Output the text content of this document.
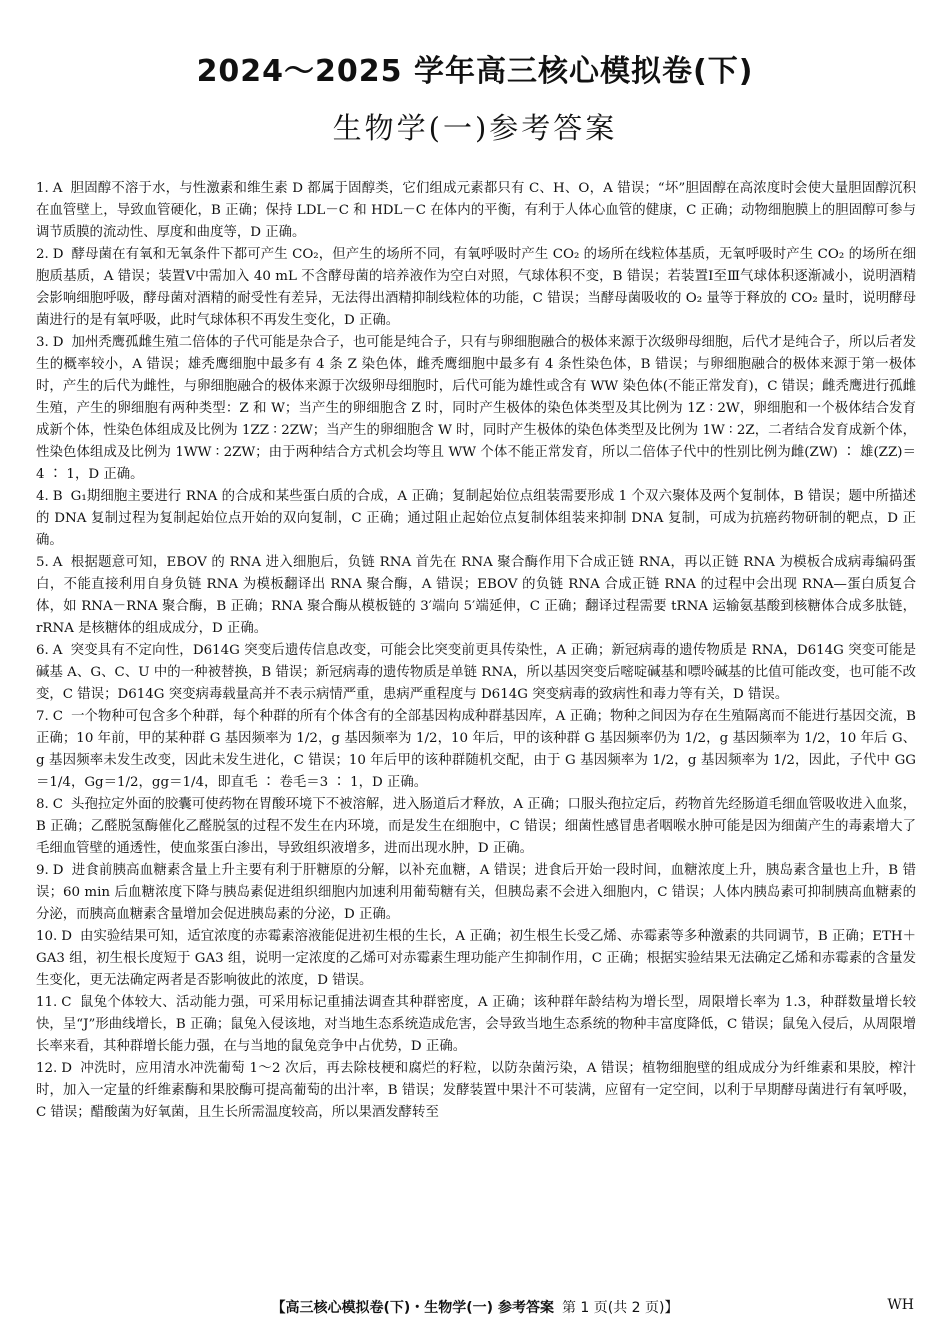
2024～2025 学年高三核心模拟卷(下)
生物学(一)参考答案

1. A 胆固醇不溶于水，与性激素和维生素 D 都属于固醇类，它们组成元素都只有 C、H、O，A 错误；“坏”胆固醇在高浓度时会使大量胆固醇沉积在血管壁上，导致血管硬化，B 正确；保持 LDL－C 和 HDL－C 在体内的平衡，有利于人体心血管的健康，C 正确；动物细胞膜上的胆固醇可参与调节质膜的流动性、厚度和曲度等，D 正确。

2. D 酵母菌在有氧和无氧条件下都可产生 CO₂，但产生的场所不同，有氧呼吸时产生 CO₂ 的场所在线粒体基质，无氧呼吸时产生 CO₂ 的场所在细胞质基质，A 错误；装置Ⅴ中需加入 40 mL 不含酵母菌的培养液作为空白对照，气球体积不变，B 错误；若装置Ⅰ至Ⅲ气球体积逐渐减小，说明酒精会影响细胞呼吸，酵母菌对酒精的耐受性有差异，无法得出酒精抑制线粒体的功能，C 错误；当酵母菌吸收的 O₂ 量等于释放的 CO₂ 量时，说明酵母菌进行的是有氧呼吸，此时气球体积不再发生变化，D 正确。

3. D 加州秃鹰孤雌生殖二倍体的子代可能是杂合子，也可能是纯合子，只有与卵细胞融合的极体来源于次级卵母细胞，后代才是纯合子，所以后者发生的概率较小，A 错误；雄秃鹰细胞中最多有 4 条 Z 染色体，雌秃鹰细胞中最多有 4 条性染色体，B 错误；与卵细胞融合的极体来源于第一极体时，产生的后代为雌性，与卵细胞融合的极体来源于次级卵母细胞时，后代可能为雄性或含有 WW 染色体(不能正常发育)，C 错误；雌秃鹰进行孤雌生殖，产生的卵细胞有两种类型：Z 和 W；当产生的卵细胞含 Z 时，同时产生极体的染色体类型及其比例为 1Z ∶ 2W，卵细胞和一个极体结合发育成新个体，性染色体组成及比例为 1ZZ ∶ 2ZW；当产生的卵细胞含 W 时，同时产生极体的染色体类型及比例为 1W ∶ 2Z，二者结合发育成新个体，性染色体组成及比例为 1WW ∶ 2ZW；由于两种结合方式机会均等且 WW 个体不能正常发育，所以二倍体子代中的性别比例为雌(ZW) ∶ 雄(ZZ)＝4 ∶ 1，D 正确。

4. B G₁期细胞主要进行 RNA 的合成和某些蛋白质的合成，A 正确；复制起始位点组装需要形成 1 个双六聚体及两个复制体，B 错误；题中所描述的 DNA 复制过程为复制起始位点开始的双向复制，C 正确；通过阻止起始位点复制体组装来抑制 DNA 复制，可成为抗癌药物研制的靶点，D 正确。

5. A 根据题意可知，EBOV 的 RNA 进入细胞后，负链 RNA 首先在 RNA 聚合酶作用下合成正链 RNA，再以正链 RNA 为模板合成病毒编码蛋白，不能直接利用自身负链 RNA 为模板翻译出 RNA 聚合酶，A 错误；EBOV 的负链 RNA 合成正链 RNA 的过程中会出现 RNA—蛋白质复合体，如 RNA－RNA 聚合酶，B 正确；RNA 聚合酶从模板链的 3′端向 5′端延伸，C 正确；翻译过程需要 tRNA 运输氨基酸到核糖体合成多肽链，rRNA 是核糖体的组成成分，D 正确。

6. A 突变具有不定向性，D614G 突变后遗传信息改变，可能会比突变前更具传染性，A 正确；新冠病毒的遗传物质是 RNA，D614G 突变可能是碱基 A、G、C、U 中的一种被替换，B 错误；新冠病毒的遗传物质是单链 RNA，所以基因突变后嘧啶碱基和嘌呤碱基的比值可能改变，也可能不改变，C 错误；D614G 突变病毒载量高并不表示病情严重，患病严重程度与 D614G 突变病毒的致病性和毒力等有关，D 错误。

7. C 一个物种可包含多个种群，每个种群的所有个体含有的全部基因构成种群基因库，A 正确；物种之间因为存在生殖隔离而不能进行基因交流，B 正确；10 年前，甲的某种群 G 基因频率为 1/2，g 基因频率为 1/2，10 年后，甲的该种群 G 基因频率仍为 1/2，g 基因频率为 1/2，10 年后 G、g 基因频率未发生改变，因此未发生进化，C 错误；10 年后甲的该种群随机交配，由于 G 基因频率为 1/2，g 基因频率为 1/2，因此，子代中 GG＝1/4，Gg＝1/2，gg＝1/4，即直毛 ∶ 卷毛＝3 ∶ 1，D 正确。

8. C 头孢拉定外面的胶囊可使药物在胃酸环境下不被溶解，进入肠道后才释放，A 正确；口服头孢拉定后，药物首先经肠道毛细血管吸收进入血浆，B 正确；乙醛脱氢酶催化乙醛脱氢的过程不发生在内环境，而是发生在细胞中，C 错误；细菌性感冒患者咽喉水肿可能是因为细菌产生的毒素增大了毛细血管壁的通透性，使血浆蛋白渗出，导致组织液增多，进而出现水肿，D 正确。

9. D 进食前胰高血糖素含量上升主要有利于肝糖原的分解，以补充血糖，A 错误；进食后开始一段时间，血糖浓度上升，胰岛素含量也上升，B 错误；60 min 后血糖浓度下降与胰岛素促进组织细胞内加速利用葡萄糖有关，但胰岛素不会进入细胞内，C 错误；人体内胰岛素可抑制胰高血糖素的分泌，而胰高血糖素含量增加会促进胰岛素的分泌，D 正确。

10. D 由实验结果可知，适宜浓度的赤霉素溶液能促进初生根的生长，A 正确；初生根生长受乙烯、赤霉素等多种激素的共同调节，B 正确；ETH＋GA3 组，初生根长度短于 GA3 组，说明一定浓度的乙烯可对赤霉素生理功能产生抑制作用，C 正确；根据实验结果无法确定乙烯和赤霉素的含量发生变化，更无法确定两者是否影响彼此的浓度，D 错误。

11. C 鼠兔个体较大、活动能力强，可采用标记重捕法调查其种群密度，A 正确；该种群年龄结构为增长型，周限增长率为 1.3，种群数量增长较快，呈“J”形曲线增长，B 正确；鼠兔入侵该地，对当地生态系统造成危害，会导致当地生态系统的物种丰富度降低，C 错误；鼠兔入侵后，从周限增长率来看，其种群增长能力强，在与当地的鼠兔竞争中占优势，D 正确。

12. D 冲洗时，应用清水冲洗葡萄 1～2 次后，再去除枝梗和腐烂的籽粒，以防杂菌污染，A 错误；植物细胞壁的组成成分为纤维素和果胶，榨汁时，加入一定量的纤维素酶和果胶酶可提高葡萄的出汁率，B 错误；发酵装置中果汁不可装满，应留有一定空间，以利于早期酵母菌进行有氧呼吸，C 错误；醋酸菌为好氧菌，且生长所需温度较高，所以果酒发酵转至

【高三核心模拟卷(下)・生物学(一) 参考答案 第 1 页(共 2 页)】	WH
